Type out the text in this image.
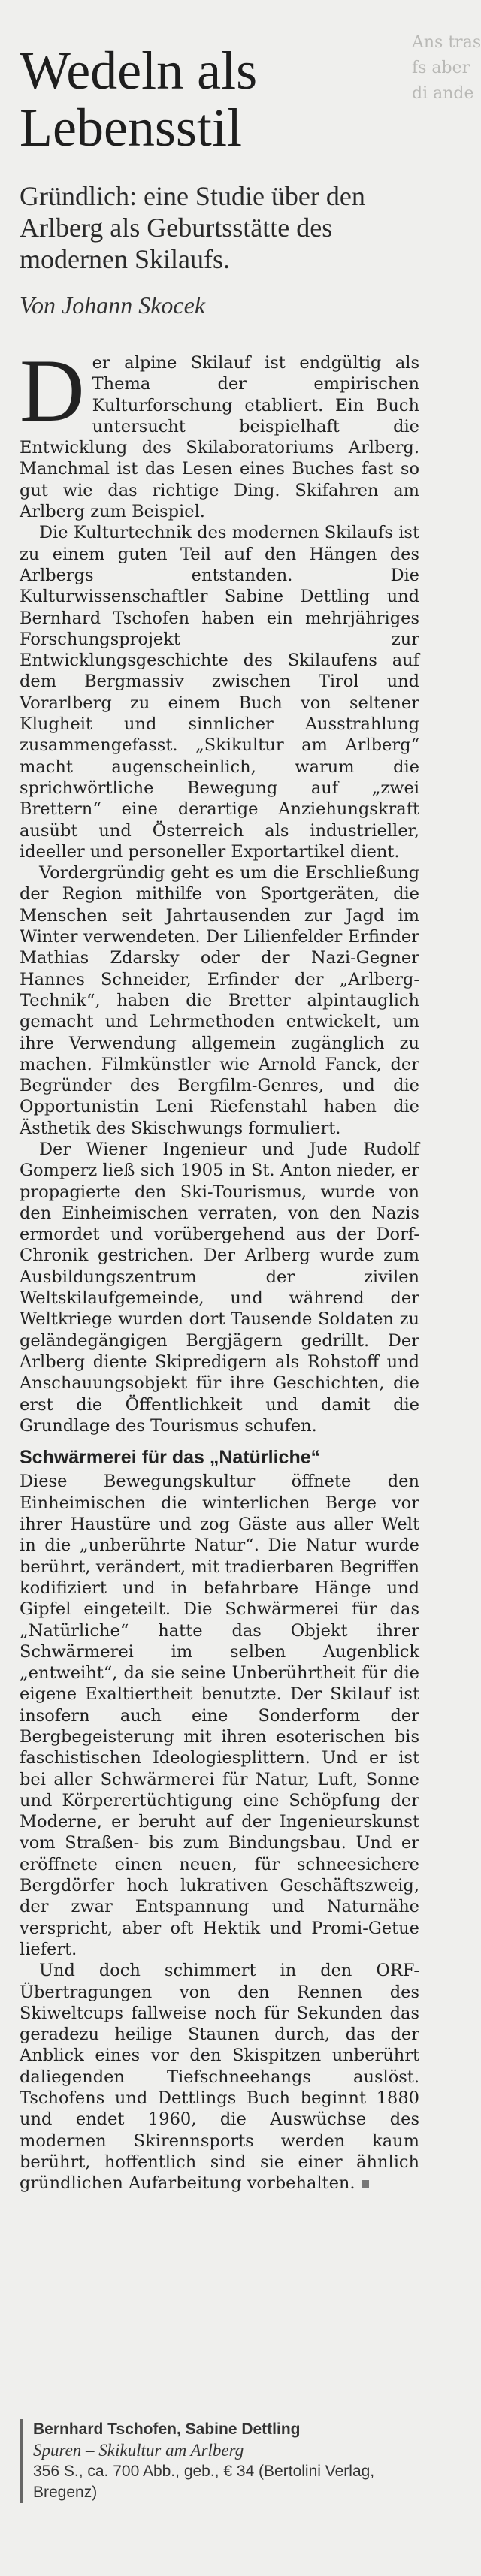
Ans tras
fs aber
di ande
Wedeln als Lebensstil
Gründlich: eine Studie über den Arlberg als Geburtsstätte des modernen Skilaufs.
Von Johann Skocek

Der alpine Skilauf ist endgültig als Thema der empirischen Kulturforschung etabliert. Ein Buch untersucht beispielhaft die Entwicklung des Skilaboratoriums Arlberg. Manchmal ist das Lesen eines Buches fast so gut wie das richtige Ding. Skifahren am Arlberg zum Beispiel.

Die Kulturtechnik des modernen Skilaufs ist zu einem guten Teil auf den Hängen des Arlbergs entstanden. Die Kulturwissenschaftler Sabine Dettling und Bernhard Tschofen haben ein mehrjähriges Forschungsprojekt zur Entwicklungsgeschichte des Skilaufens auf dem Bergmassiv zwischen Tirol und Vorarlberg zu einem Buch von seltener Klugheit und sinnlicher Ausstrahlung zusammengefasst. „Skikultur am Arlberg“ macht augenscheinlich, warum die sprichwörtliche Bewegung auf „zwei Brettern“ eine derartige Anziehungskraft ausübt und Österreich als industrieller, ideeller und personeller Exportartikel dient.

Vordergründig geht es um die Erschließung der Region mithilfe von Sportgeräten, die Menschen seit Jahrtausenden zur Jagd im Winter verwendeten. Der Lilienfelder Erfinder Mathias Zdarsky oder der Nazi-Gegner Hannes Schneider, Erfinder der „Arlberg-Technik“, haben die Bretter alpintauglich gemacht und Lehrmethoden entwickelt, um ihre Verwendung allgemein zugänglich zu machen. Filmkünstler wie Arnold Fanck, der Begründer des Bergfilm-Genres, und die Opportunistin Leni Riefenstahl haben die Ästhetik des Skischwungs formuliert.

Der Wiener Ingenieur und Jude Rudolf Gomperz ließ sich 1905 in St. Anton nieder, er propagierte den Ski-Tourismus, wurde von den Einheimischen verraten, von den Nazis ermordet und vorübergehend aus der Dorf-Chronik gestrichen. Der Arlberg wurde zum Ausbildungszentrum der zivilen Weltskilaufgemeinde, und während der Weltkriege wurden dort Tausende Soldaten zu geländegängigen Bergjägern gedrillt. Der Arlberg diente Skipredigern als Rohstoff und Anschauungsobjekt für ihre Geschichten, die erst die Öffentlichkeit und damit die Grundlage des Tourismus schufen.

Schwärmerei für das „Natürliche“

Diese Bewegungskultur öffnete den Einheimischen die winterlichen Berge vor ihrer Haustüre und zog Gäste aus aller Welt in die „unberührte Natur“. Die Natur wurde berührt, verändert, mit tradierbaren Begriffen kodifiziert und in befahrbare Hänge und Gipfel eingeteilt. Die Schwärmerei für das „Natürliche“ hatte das Objekt ihrer Schwärmerei im selben Augenblick „entweiht“, da sie seine Unberührtheit für die eigene Exaltiertheit benutzte. Der Skilauf ist insofern auch eine Sonderform der Bergbegeisterung mit ihren esoterischen bis faschistischen Ideologiesplittern. Und er ist bei aller Schwärmerei für Natur, Luft, Sonne und Körperertüchtigung eine Schöpfung der Moderne, er beruht auf der Ingenieurskunst vom Straßen- bis zum Bindungsbau. Und er eröffnete einen neuen, für schneesichere Bergdörfer hoch lukrativen Geschäftszweig, der zwar Entspannung und Naturnähe verspricht, aber oft Hektik und Promi-Getue liefert.

Und doch schimmert in den ORF-Übertragungen von den Rennen des Skiweltcups fallweise noch für Sekunden das geradezu heilige Staunen durch, das der Anblick eines vor den Skispitzen unberührt daliegenden Tiefschneehangs auslöst. Tschofens und Dettlings Buch beginnt 1880 und endet 1960, die Auswüchse des modernen Skirennsports werden kaum berührt, hoffentlich sind sie einer ähnlich gründlichen Aufarbeitung vorbehalten.

Bernhard Tschofen, Sabine Dettling
Spuren – Skikultur am Arlberg
356 S., ca. 700 Abb., geb., € 34 (Bertolini Verlag, Bregenz)
